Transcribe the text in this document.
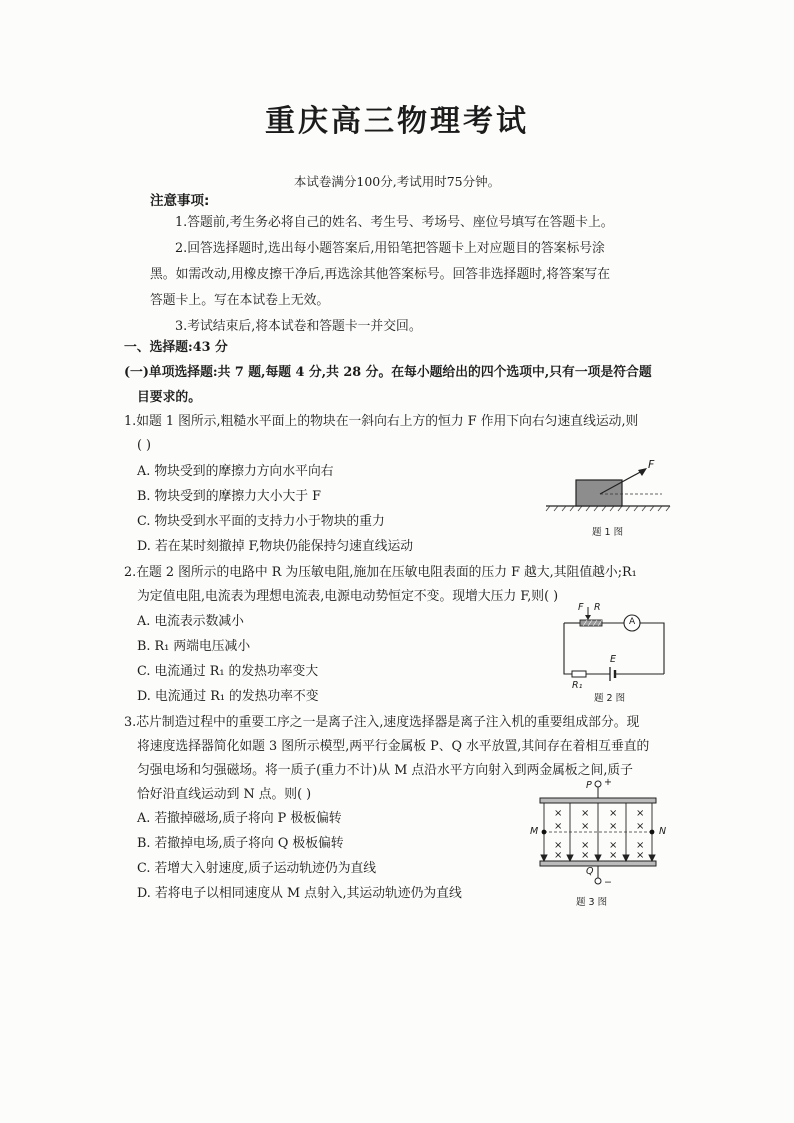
重庆高三物理考试
本试卷满分100分,考试用时75分钟。
注意事项:
1.答题前,考生务必将自己的姓名、考生号、考场号、座位号填写在答题卡上。
2.回答选择题时,选出每小题答案后,用铅笔把答题卡上对应题目的答案标号涂
黑。如需改动,用橡皮擦干净后,再选涂其他答案标号。回答非选择题时,将答案写在
答题卡上。写在本试卷上无效。
3.考试结束后,将本试卷和答题卡一并交回。
一、选择题:43 分
(一)单项选择题:共 7 题,每题 4 分,共 28 分。在每小题给出的四个选项中,只有一项是符合题
目要求的。
1.如题 1 图所示,粗糙水平面上的物块在一斜向右上方的恒力 F 作用下向右匀速直线运动,则
( )
A. 物块受到的摩擦力方向水平向右
B. 物块受到的摩擦力大小大于 F
C. 物块受到水平面的支持力小于物块的重力
D. 若在某时刻撤掉 F,物块仍能保持匀速直线运动
F
题 1 图
2.在题 2 图所示的电路中 R 为压敏电阻,施加在压敏电阻表面的压力 F 越大,其阻值越小;R₁
为定值电阻,电流表为理想电流表,电源电动势恒定不变。现增大压力 F,则( )
A. 电流表示数减小
B. R₁ 两端电压减小
C. 电流通过 R₁ 的发热功率变大
D. 电流通过 R₁ 的发热功率不变
F R
A
E
R₁
题 2 图
3.芯片制造过程中的重要工序之一是离子注入,速度选择器是离子注入机的重要组成部分。现
将速度选择器简化如题 3 图所示模型,两平行金属板 P、Q 水平放置,其间存在着相互垂直的
匀强电场和匀强磁场。将一质子(重力不计)从 M 点沿水平方向射入到两金属板之间,质子
恰好沿直线运动到 N 点。则( )
A. 若撤掉磁场,质子将向 P 极板偏转
B. 若撤掉电场,质子将向 Q 极板偏转
C. 若增大入射速度,质子运动轨迹仍为直线
D. 若将电子以相同速度从 M 点射入,其运动轨迹仍为直线
P +
Q
−
M	N
× × × ×
× × × ×
× × × ×
× × × ×
题 3 图
